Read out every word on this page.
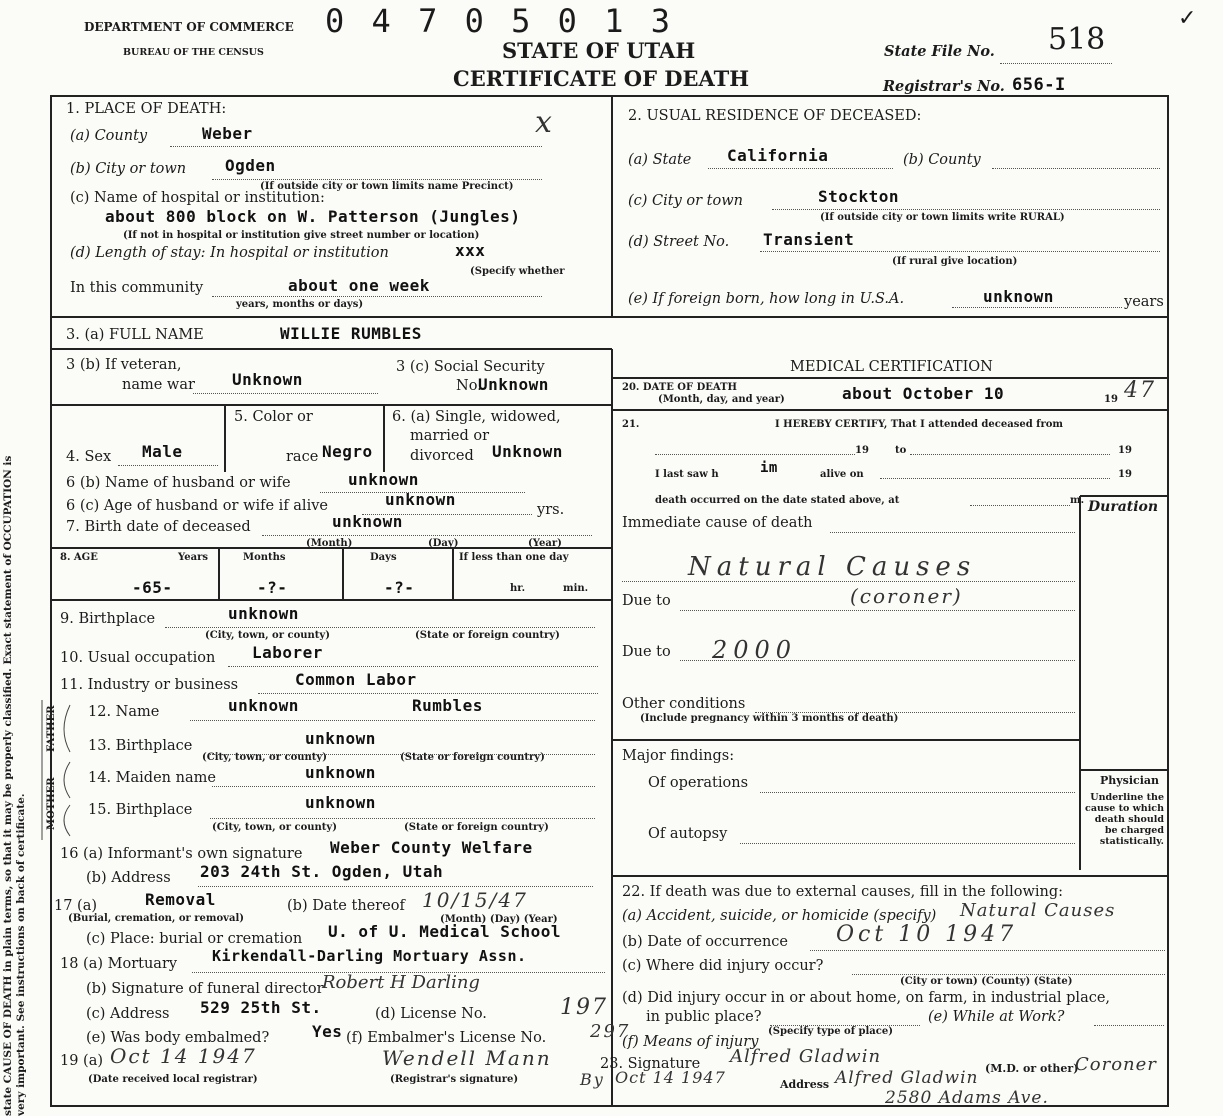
state CAUSE OF DEATH in plain terms, so that it may be properly classified. Exact statement of OCCUPATION is very important. See instructions on back of certificate.
DEPARTMENT OF COMMERCE
BUREAU OF THE CENSUS
0 4 7 0 5 0 1 3
STATE OF UTAH
CERTIFICATE OF DEATH
State File No. 518
Registrar's No. 656-I
✓
1. PLACE OF DEATH:	x
(a) County	Weber
(b) City or town Ogden
(If outside city or town limits name Precinct)
(c) Name of hospital or institution:
about 800 block on W. Patterson (Jungles)
(If not in hospital or institution give street number or location)
(d) Length of stay: In hospital or institution	xxx
(Specify whether
In this community	about one week
years, months or days)
2. USUAL RESIDENCE OF DECEASED:
(a) State California	(b) County
(c) City or town	Stockton
(If outside city or town limits write RURAL)
(d) Street No. Transient
(If rural give location)
(e) If foreign born, how long in U.S.A.	unknown	years
3. (a) FULL NAME	WILLIE RUMBLES
3 (b) If veteran,
name war Unknown
3 (c) Social Security
No.
Unknown
5. Color or
race Negro
4. Sex Male
6. (a) Single, widowed,
married or
divorced Unknown
6 (b) Name of husband or wife	unknown
6 (c) Age of husband or wife if alive	unknown
yrs.
7. Birth date of deceased	unknown
(Month)	(Day)	(Year)
8. AGE	Years	Months	Days	If less than one day
-65-	-?-	-?-	hr.	min.
9. Birthplace	unknown
(City, town, or county)	(State or foreign country)
10. Usual occupation Laborer
11. Industry or business	Common Labor
FATHER
MOTHER
12. Name	unknown	Rumbles
13. Birthplace	unknown
(City, town, or county)	(State or foreign country)
14. Maiden name	unknown
15. Birthplace	unknown
(City, town, or county)	(State or foreign country)
16 (a) Informant's own signature Weber County Welfare
(b) Address 203 24th St. Ogden, Utah
17 (a)	Removal
(Burial, cremation, or removal)
(b) Date thereof 10/15/47
(Month) (Day) (Year)
(c) Place: burial or cremation U. of U. Medical School
18 (a) Mortuary Kirkendall-Darling Mortuary Assn.
(b) Signature of funeral director
Robert H Darling
(c) Address 529 25th St.	(d) License No.	197
(e) Was body embalmed?	Yes (f) Embalmer's License No. 297
19 (a) Oct 14 1947	Wendell Mann
(Date received local registrar)	(Registrar's signature)
MEDICAL CERTIFICATION
20. DATE OF DEATH
(Month, day, and year)	about October 10	19 47
21.	I HEREBY CERTIFY, That I attended deceased from
19	to	19
I last saw h	im	alive on	19
death occurred on the date stated above, at	m. Duration
Immediate cause of death
Natural Causes
Due to	(coroner)
Due to 2000
Other conditions
(Include pregnancy within 3 months of death)
Major findings:
Of operations
Of autopsy
Physician
Underline the cause to which death should be charged statistically.
22. If death was due to external causes, fill in the following:
(a) Accident, suicide, or homicide (specify) Natural Causes
(b) Date of occurrence Oct 10 1947
(c) Where did injury occur?
(City or town) (County) (State)
(d) Did injury occur in or about home, on farm, in industrial place,
in public place?	(e) While at Work?
(Specify type of place)
(f) Means of injury
23. Signature Alfred Gladwin
(M.D. or other)
Coroner
Address Alfred Gladwin
2580 Adams Ave.
By Oct 14 1947
